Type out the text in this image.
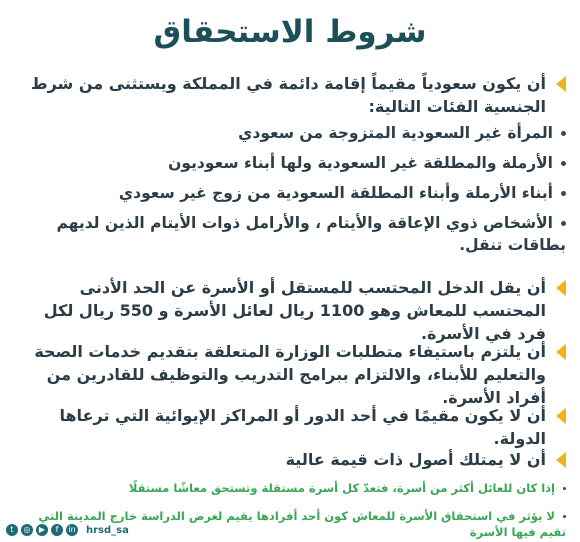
شروط الاستحقاق
أن يكون سعودياً مقيماً إقامة دائمة في المملكة ويستثنى من شرط الجنسية الفئات التالية:
المرأة غير السعودية المتزوجة من سعودي
الأرملة والمطلقة غير السعودية ولها أبناء سعوديون
أبناء الأرملة وأبناء المطلقة السعودية من زوج غير سعودي
الأشخاص ذوي الإعاقة والأيتام ، والأرامل ذوات الأيتام الذين لديهم بطاقات تنقل.
أن يقل الدخل المحتسب للمستقل أو الأسرة عن الحد الأدنى المحتسب للمعاش وهو 1100 ريال لعائل الأسرة و 550 ريال لكل فرد في الأسرة.
أن يلتزم باستيفاء متطلبات الوزارة المتعلقة بتقديم خدمات الصحة والتعليم للأبناء، والالتزام ببرامج التدريب والتوظيف للقادرين من أفراد الأسرة.
أن لا يكون مقيمًا في أحد الدور أو المراكز الإيوائية التي ترعاها الدولة.
أن لا يمتلك أصول ذات قيمة عالية
إذا كان للعائل أكثر من أسرة، فتعدّ كل أسرة مستقلة وتستحق معاشًا مستقلًا
لا يؤثر في استحقاق الأسرة للمعاش كون أحد أفرادها يقيم لغرض الدراسة خارج المدينة التي تقيم فيها الأسرة
t	◎	▶	f	in hrsd_sa
